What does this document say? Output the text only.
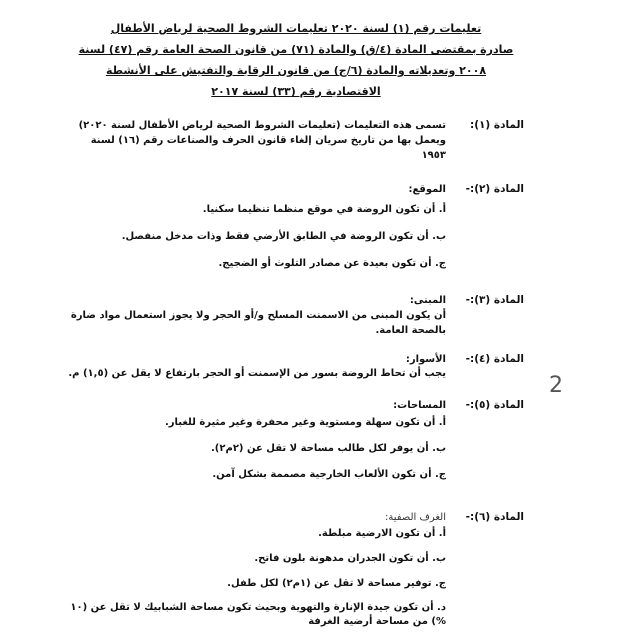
تعليمات رقم (١) لسنة ٢٠٢٠ تعليمات الشروط الصحية لرياض الأطفال
صادرة بمقتضى المادة (٤/ق) والمادة (٧١) من قانون الصحة العامة رقم (٤٧) لسنة
٢٠٠٨ وتعديلاته والمادة (٦/ج) من قانون الرقابة والتفتيش على الأنشطة
الاقتصادية رقم (٣٣) لسنة ٢٠١٧
المادة (١):
تسمى هذه التعليمات (تعليمات الشروط الصحية لرياض الأطفال لسنة ٢٠٢٠) ويعمل بها من تاريخ سريان إلغاء قانون الحرف والصناعات رقم (١٦) لسنة ١٩٥٣
المادة (٢):-
الموقع:
أ. أن تكون الروضة في موقع منظما تنظيما سكنيا.
ب. أن تكون الروضة في الطابق الأرضي فقط وذات مدخل منفصل.
ج. أن تكون بعيدة عن مصادر التلوث أو الضجيج.
المادة (٣):-
المبنى:
أن يكون المبنى من الاسمنت المسلح و/أو الحجر ولا يجوز استعمال مواد ضارة بالصحة العامة.
المادة (٤):-
الأسوار:
يجب أن تحاط الروضة بسور من الإسمنت أو الحجر بارتفاع لا يقل عن (١,٥) م.
المادة (٥):-
المساحات:
أ. أن تكون سهلة ومستوية وغير محفرة وغير مثيرة للغبار.
ب. أن يوفر لكل طالب مساحة لا تقل عن (٢م٢).
ج. أن تكون الألعاب الخارجية مصممة بشكل آمن.
المادة (٦):-
الغرف الصفية:
أ. أن تكون الارضية مبلطة.
ب. أن تكون الجدران مدهونة بلون فاتح.
ج. توفير مساحة لا تقل عن (١م٢) لكل طفل.
د. أن تكون جيدة الإنارة والتهوية وبحيث تكون مساحة الشبابيك لا تقل عن (١٠ %) من مساحة أرضية الغرفة
2
